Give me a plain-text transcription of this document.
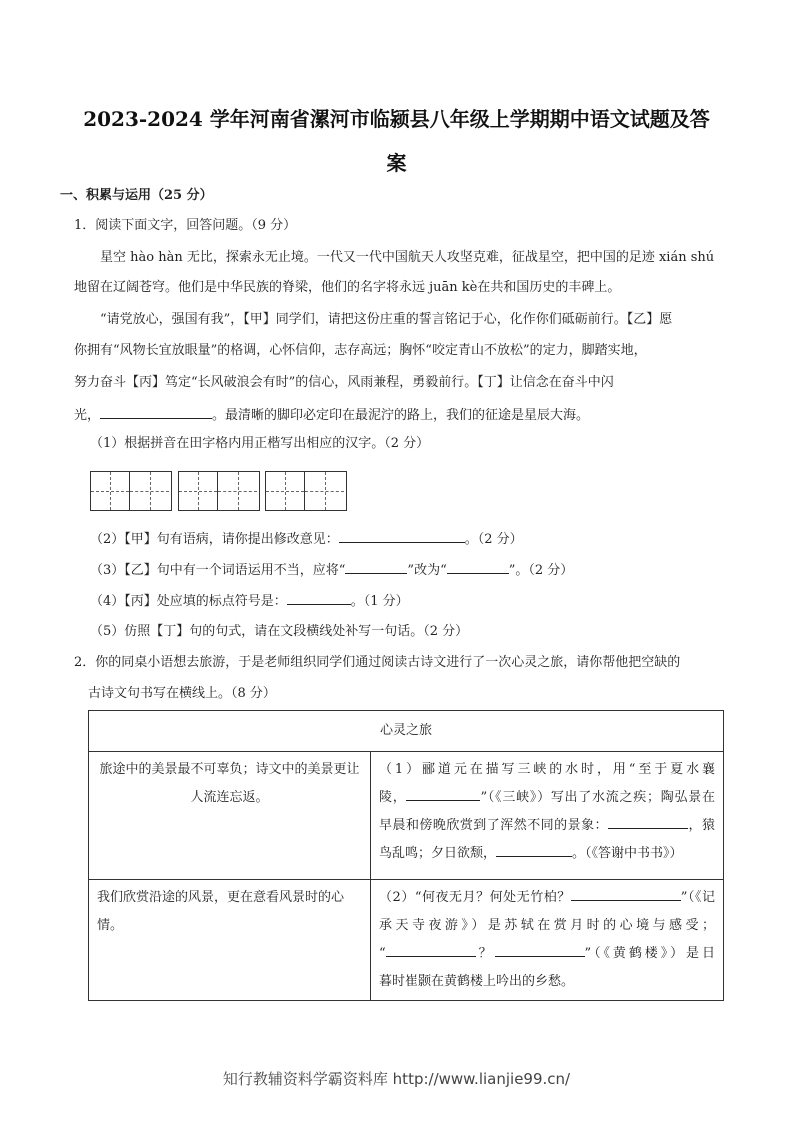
2023-2024 学年河南省漯河市临颍县八年级上学期期中语文试题及答
案
一、积累与运用（25 分）
1．阅读下面文字，回答问题。（9 分）
星空 hào hàn 无比，探索永无止境。一代又一代中国航天人攻坚克难，征战星空，把中国的足迹 xián shú
地留在辽阔苍穹。他们是中华民族的脊梁，他们的名字将永远 juān kè在共和国历史的丰碑上。
“请党放心，强国有我”，【甲】同学们，请把这份庄重的誓言铭记于心，化作你们砥砺前行。【乙】愿
你拥有“风物长宜放眼量”的格调，心怀信仰，志存高远；胸怀“咬定青山不放松”的定力，脚踏实地，
努力奋斗【丙】笃定“长风破浪会有时”的信心，风雨兼程，勇毅前行。【丁】让信念在奋斗中闪
光，	。最清晰的脚印必定印在最泥泞的路上，我们的征途是星辰大海。
（1）根据拼音在田字格内用正楷写出相应的汉字。（2 分）
（2）【甲】句有语病，请你提出修改意见：	。（2 分）
（3）【乙】句中有一个词语运用不当，应将“	”改为“	”。（2 分）
（4）【丙】处应填的标点符号是：	。（1 分）
（5）仿照【丁】句的句式，请在文段横线处补写一句话。（2 分）
2．你的同桌小语想去旅游，于是老师组织同学们通过阅读古诗文进行了一次心灵之旅，请你帮他把空缺的
古诗文句书写在横线上。（8 分）
心灵之旅	

旅途中的美景最不可辜负；诗文中的美景更让
人流连忘返。	（1）郦道元在描写三峡的水时，用“至于夏水襄
陵， ”（《三峡》）写出了水流之疾；陶弘景在
早晨和傍晚欣赏到了浑然不同的景象： ，猿
鸟乱鸣；夕日欲颓， 。（《答谢中书书》）

我们欣赏沿途的风景，更在意看风景时的心情。	（2）“何夜无月？何处无竹柏？ ”（《记
承天寺夜游》）是苏轼在赏月时的心境与感受；
“ ？ ”（《黄鹤楼》）是日
暮时崔颢在黄鹤楼上吟出的乡愁。
知行教辅资料学霸资料库 http://www.lianjie99.cn/
